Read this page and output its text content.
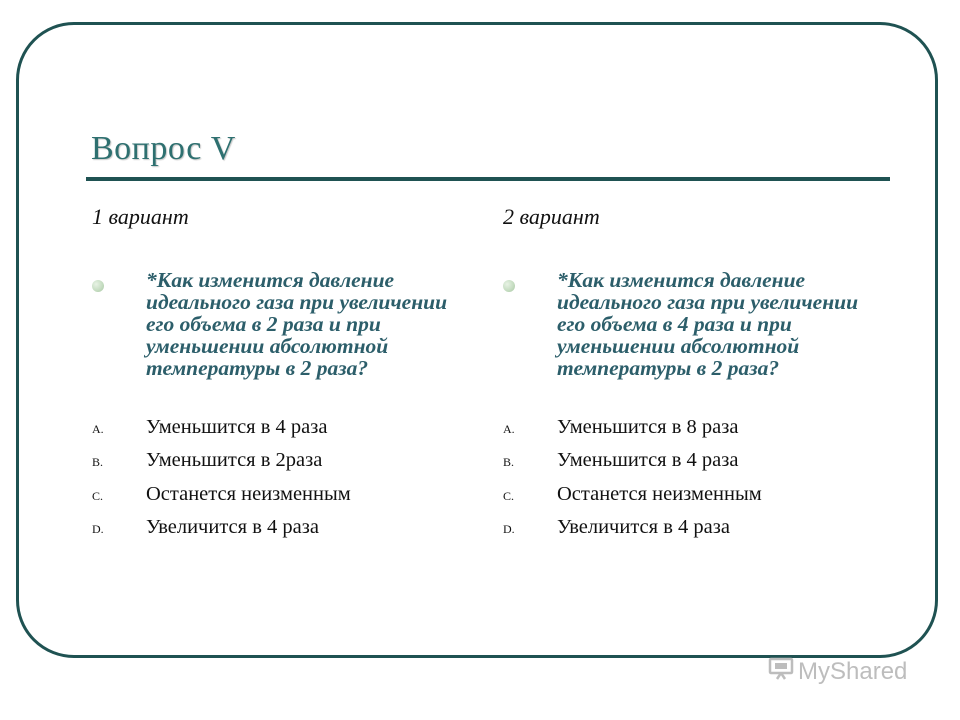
Вопрос V
1 вариант
*Как изменится давление идеального газа при увеличении его объема в 2 раза и при уменьшении абсолютной температуры в 2 раза?
A.	Уменьшится в 4 раза
B.	Уменьшится в 2раза
C.	Останется неизменным
D.	Увеличится в 4 раза
2 вариант
*Как изменится давление идеального газа при увеличении его объема в 4 раза и при уменьшении абсолютной температуры в 2 раза?
A.	Уменьшится в 8 раза
B.	Уменьшится в 4 раза
C.	Останется неизменным
D.	Увеличится в 4 раза
MyShared
